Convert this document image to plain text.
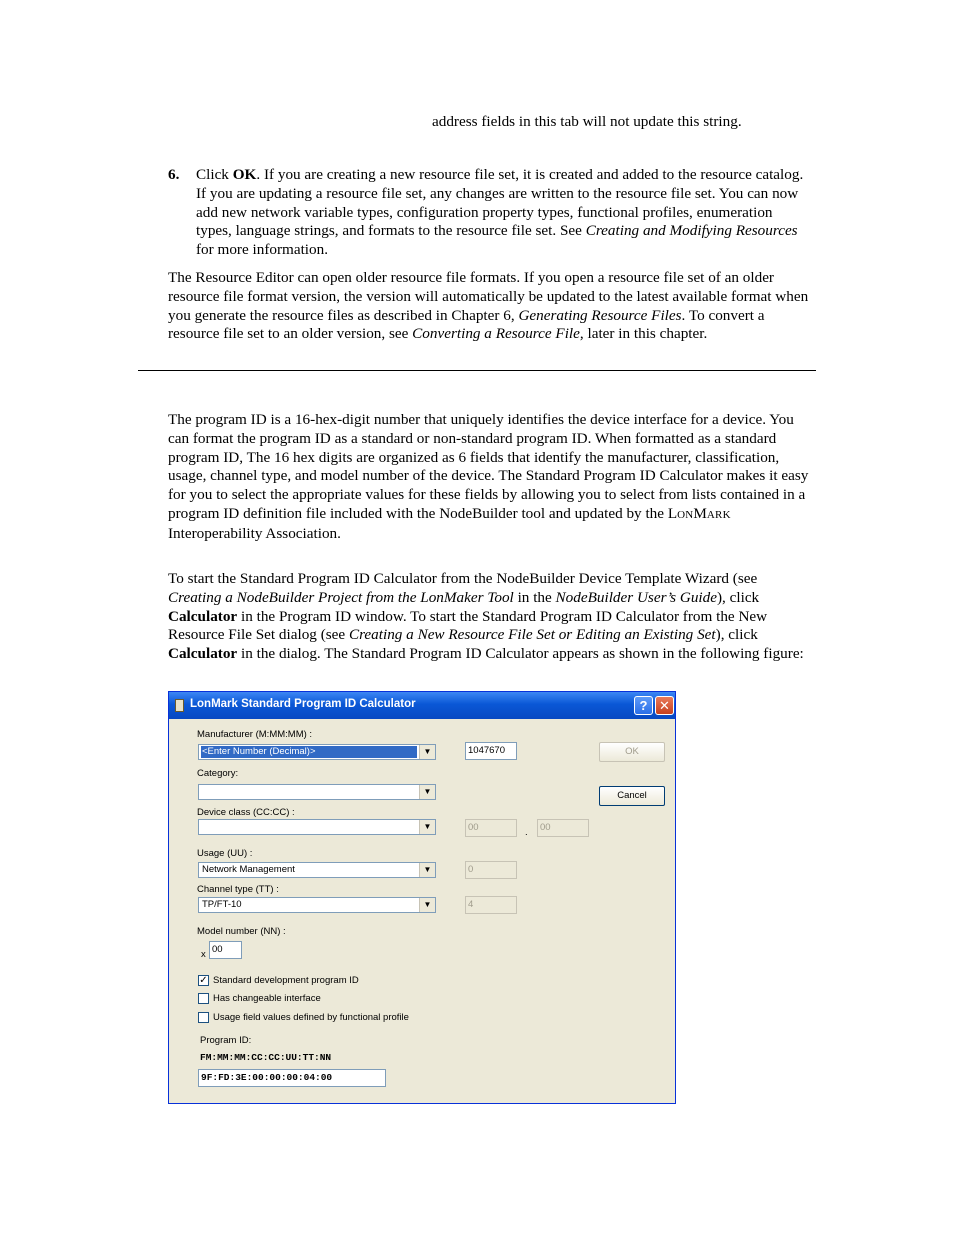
address fields in this tab will not update this string.

6. Click OK. If you are creating a new resource file set, it is created and added to the resource catalog. If you are updating a resource file set, any changes are written to the resource file set. You can now add new network variable types, configuration property types, functional profiles, enumeration types, language strings, and formats to the resource file set. See Creating and Modifying Resources for more information.

The Resource Editor can open older resource file formats. If you open a resource file set of an older resource file format version, the version will automatically be updated to the latest available format when you generate the resource files as described in Chapter 6, Generating Resource Files. To convert a resource file set to an older version, see Converting a Resource File, later in this chapter.

The program ID is a 16-hex-digit number that uniquely identifies the device interface for a device. You can format the program ID as a standard or non-standard program ID. When formatted as a standard program ID, The 16 hex digits are organized as 6 fields that identify the manufacturer, classification, usage, channel type, and model number of the device. The Standard Program ID Calculator makes it easy for you to select the appropriate values for these fields by allowing you to select from lists contained in a program ID definition file included with the NodeBuilder tool and updated by the LONMARK Interoperability Association.

To start the Standard Program ID Calculator from the NodeBuilder Device Template Wizard (see Creating a NodeBuilder Project from the LonMaker Tool in the NodeBuilder User’s Guide), click Calculator in the Program ID window. To start the Standard Program ID Calculator from the New Resource File Set dialog (see Creating a New Resource File Set or Editing an Existing Set), click Calculator in the dialog. The Standard Program ID Calculator appears as shown in the following figure:

LonMark Standard Program ID Calculator	? ✕
Manufacturer (M:MM:MM) :
<Enter Number (Decimal)>	▼	1047670	OK
Category:
▼	Cancel
Device class (CC:CC) :
▼	00	.	00
Usage (UU) :
Network Management	▼	0
Channel type (TT) :
TP/FT-10	▼	4
Model number (NN) :
x 00
✓ Standard development program ID
Has changeable interface
Usage field values defined by functional profile
Program ID:
FM:MM:MM:CC:CC:UU:TT:NN
9F:FD:3E:00:00:00:04:00
